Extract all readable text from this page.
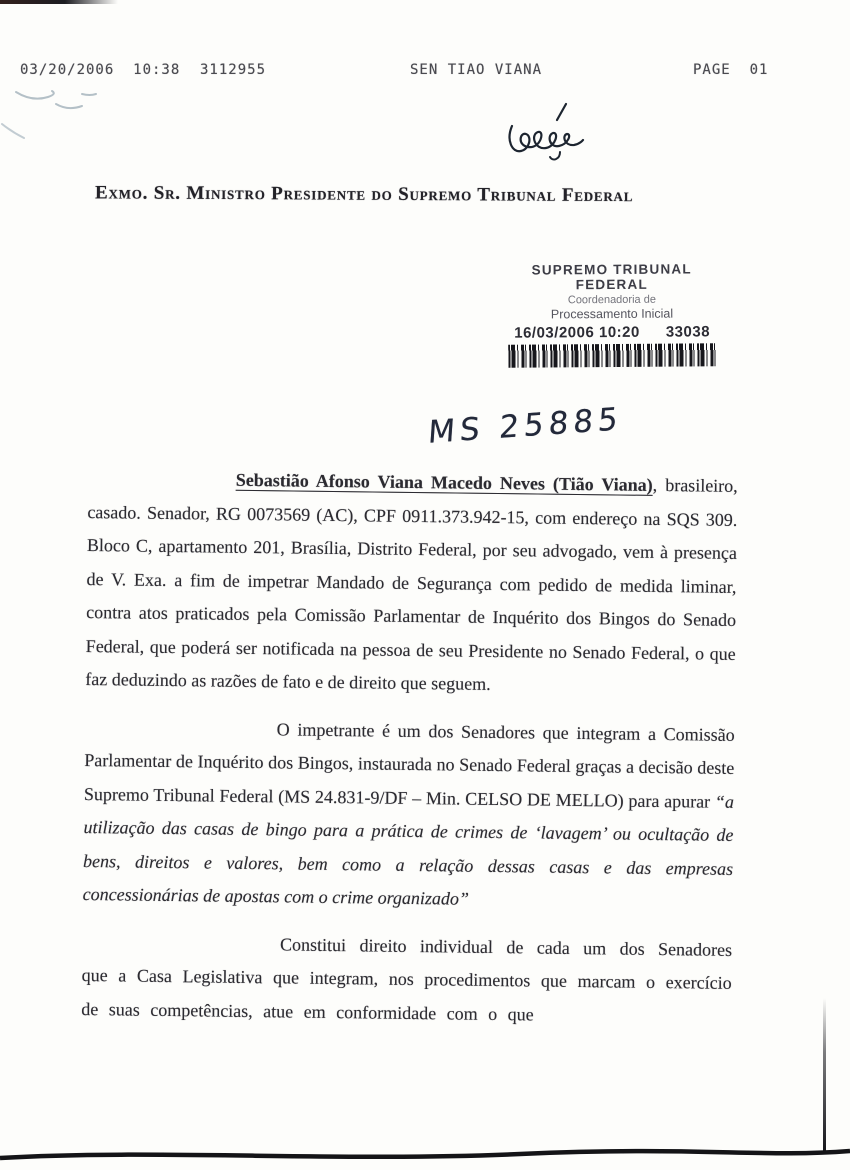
03/20/2006  10:38 3112955	SEN TIAO VIANA	PAGE  01
Exmo. Sr. Ministro Presidente do Supremo Tribunal Federal
SUPREMO TRIBUNAL FEDERAL
Coordenadoria de
Processamento Inicial
16/03/2006 10:20 33038
MS 25885

Sebastião Afonso Viana Macedo Neves (Tião Viana), brasileiro, casado. Senador, RG 0073569 (AC), CPF 0911.373.942-15, com endereço na SQS 309. Bloco C, apartamento 201, Brasília, Distrito Federal, por seu advogado, vem à presença de V. Exa. a fim de impetrar Mandado de Segurança com pedido de medida liminar, contra atos praticados pela Comissão Parlamentar de Inquérito dos Bingos do Senado Federal, que poderá ser notificada na pessoa de seu Presidente no Senado Federal, o que faz deduzindo as razões de fato e de direito que seguem.

O impetrante é um dos Senadores que integram a Comissão Parlamentar de Inquérito dos Bingos, instaurada no Senado Federal graças a decisão deste Supremo Tribunal Federal (MS 24.831-9/DF – Min. CELSO DE MELLO) para apurar “a utilização das casas de bingo para a prática de crimes de ‘lavagem’ ou ocultação de bens, direitos e valores, bem como a relação dessas casas e das empresas concessionárias de apostas com o crime organizado”

Constitui direito individual de cada um dos Senadores que a Casa Legislativa que integram, nos procedimentos que marcam o exercício de suas competências, atue em conformidade com o que
